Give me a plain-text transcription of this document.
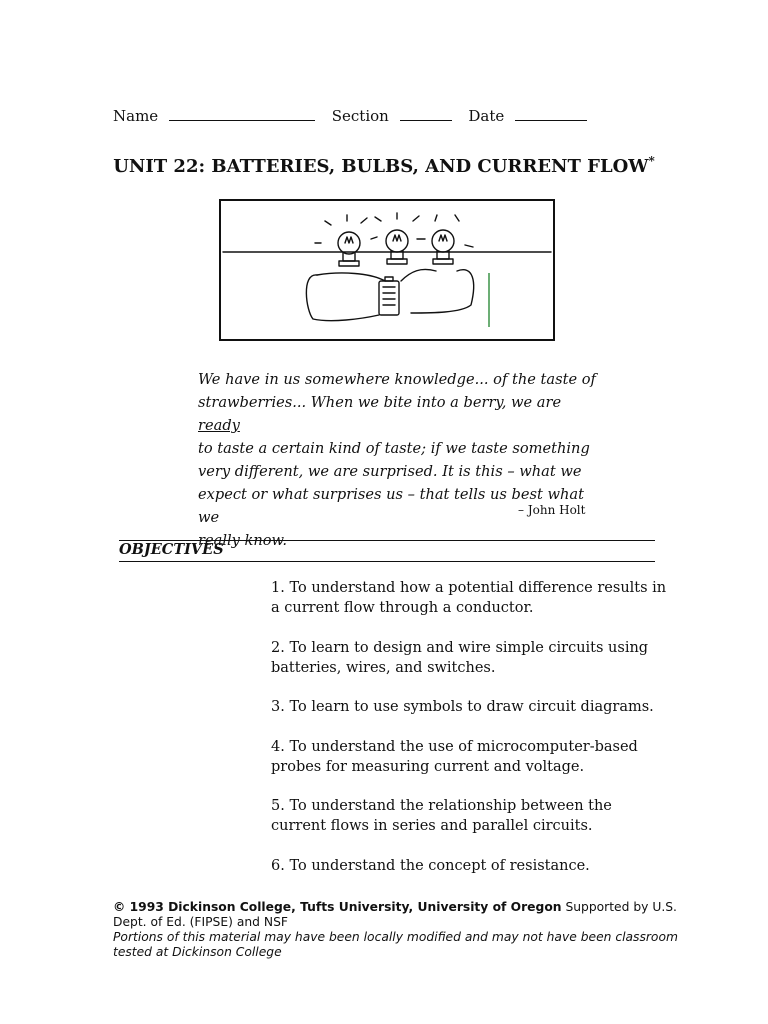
Name	Section	Date
UNIT 22: BATTERIES, BULBS, AND CURRENT FLOW*
We have in us somewhere knowledge... of the taste of
strawberries... When we bite into a berry, we are ready
to taste a certain kind of taste; if we taste something
very different, we are surprised. It is this – what we
expect or what surprises us – that tells us best what we
really know.
– John Holt
OBJECTIVES
1. To understand how a potential difference results in a current flow through a conductor.
2. To learn to design and wire simple circuits using batteries, wires, and switches.
3. To learn to use symbols to draw circuit diagrams.
4. To understand the use of microcomputer-based probes for measuring current and voltage.
5. To understand the relationship between the current flows in series and parallel circuits.
6. To understand the concept of resistance.
© 1993 Dickinson College, Tufts University, University of Oregon Supported by U.S. Dept. of Ed. (FIPSE) and NSF
Portions of this material may have been locally modified and may not have been classroom tested at Dickinson College
